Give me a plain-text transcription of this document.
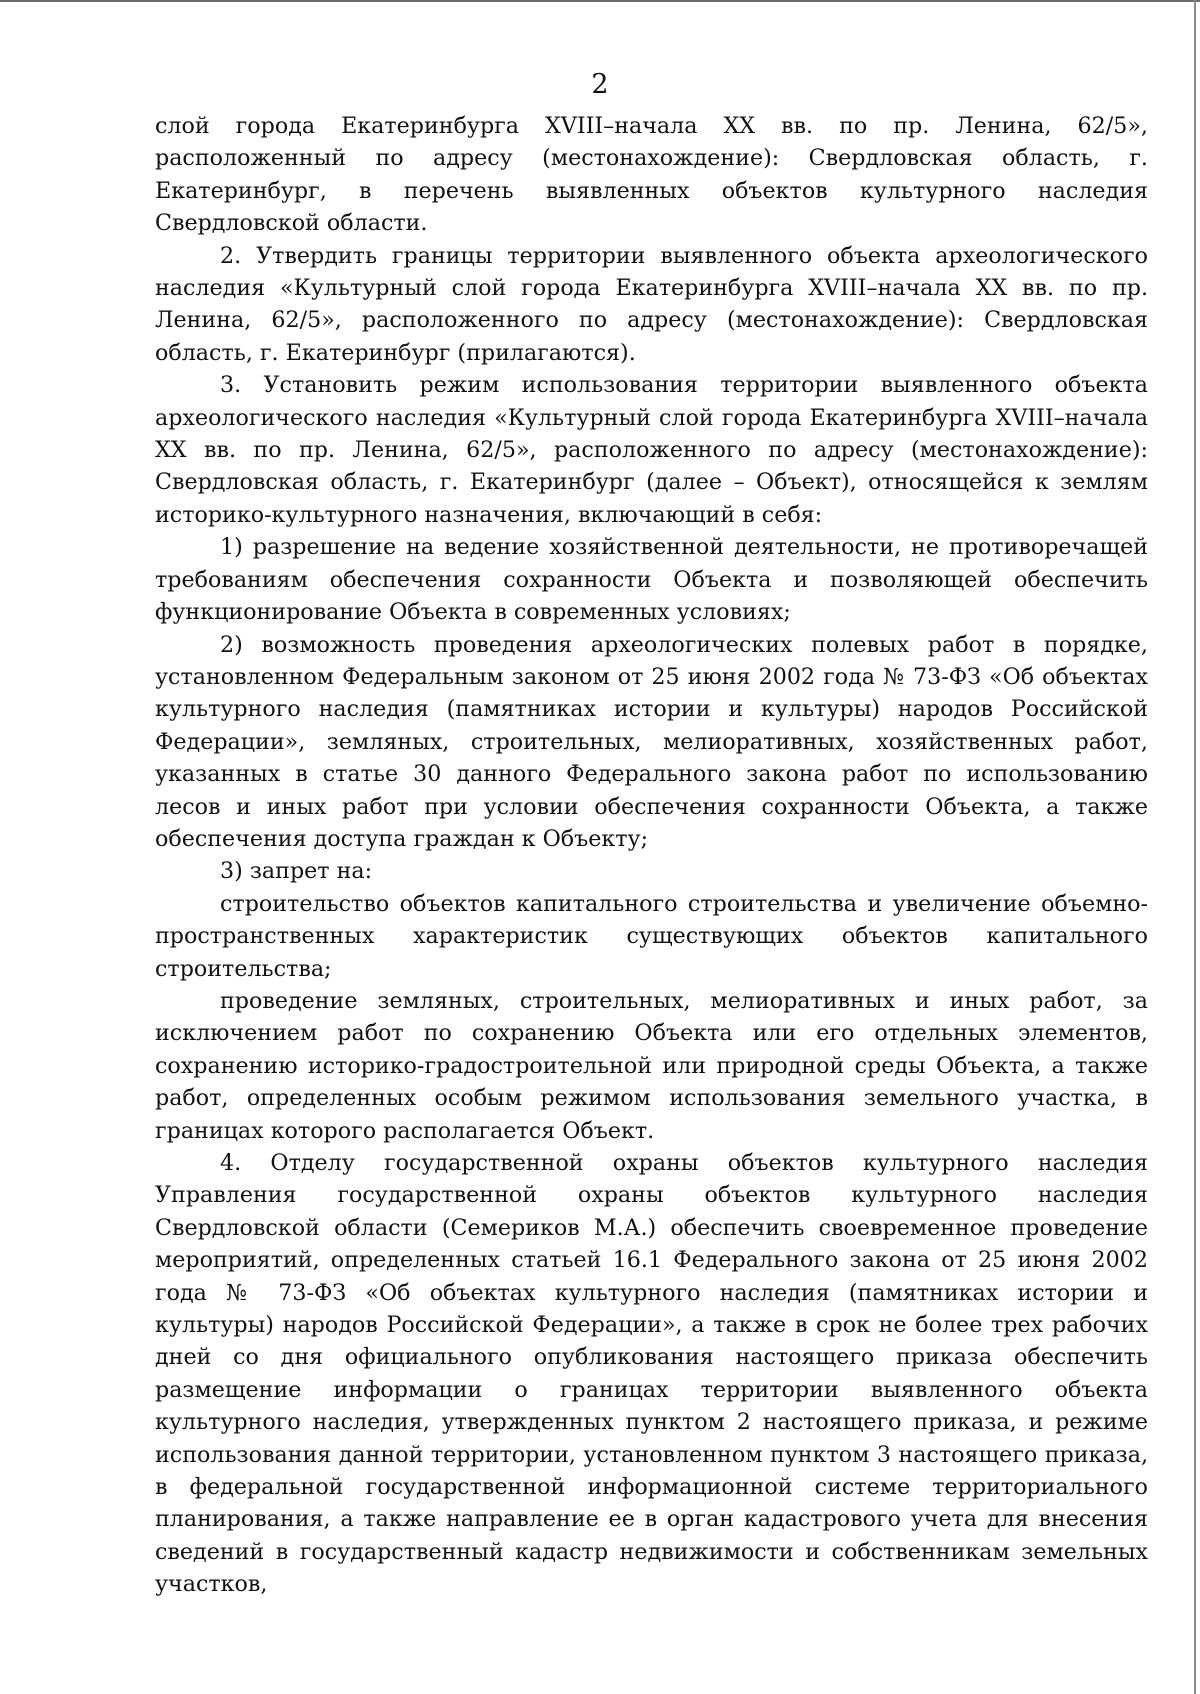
2

слой города Екатеринбурга XVIII–начала XX вв. по пр. Ленина, 62/5», расположенный по адресу (местонахождение): Свердловская область, г. Екатеринбург, в перечень выявленных объектов культурного наследия Свердловской области.

2. Утвердить границы территории выявленного объекта археологического наследия «Культурный слой города Екатеринбурга XVIII–начала XX вв. по пр. Ленина, 62/5», расположенного по адресу (местонахождение): Свердловская область, г. Екатеринбург (прилагаются).

3. Установить режим использования территории выявленного объекта археологического наследия «Культурный слой города Екатеринбурга XVIII–начала XX вв. по пр. Ленина, 62/5», расположенного по адресу (местонахождение): Свердловская область, г. Екатеринбург (далее – Объект), относящейся к землям историко-культурного назначения, включающий в себя:

1) разрешение на ведение хозяйственной деятельности, не противоречащей требованиям обеспечения сохранности Объекта и позволяющей обеспечить функционирование Объекта в современных условиях;

2) возможность проведения археологических полевых работ в порядке, установленном Федеральным законом от 25 июня 2002 года № 73-ФЗ «Об объектах культурного наследия (памятниках истории и культуры) народов Российской Федерации», земляных, строительных, мелиоративных, хозяйственных работ, указанных в статье 30 данного Федерального закона работ по использованию лесов и иных работ при условии обеспечения сохранности Объекта, а также обеспечения доступа граждан к Объекту;

3) запрет на:

строительство объектов капитального строительства и увеличение объемно-пространственных характеристик существующих объектов капитального строительства;

проведение земляных, строительных, мелиоративных и иных работ, за исключением работ по сохранению Объекта или его отдельных элементов, сохранению историко-градостроительной или природной среды Объекта, а также работ, определенных особым режимом использования земельного участка, в границах которого располагается Объект.

4. Отделу государственной охраны объектов культурного наследия Управления государственной охраны объектов культурного наследия Свердловской области (Семериков М.А.) обеспечить своевременное проведение мероприятий, определенных статьей 16.1 Федерального закона от 25 июня 2002 года № 73-ФЗ «Об объектах культурного наследия (памятниках истории и культуры) народов Российской Федерации», а также в срок не более трех рабочих дней со дня официального опубликования настоящего приказа обеспечить размещение информации о границах территории выявленного объекта культурного наследия, утвержденных пунктом 2 настоящего приказа, и режиме использования данной территории, установленном пунктом 3 настоящего приказа, в федеральной государственной информационной системе территориального планирования, а также направление ее в орган кадастрового учета для внесения сведений в государственный кадастр недвижимости и собственникам земельных участков,
